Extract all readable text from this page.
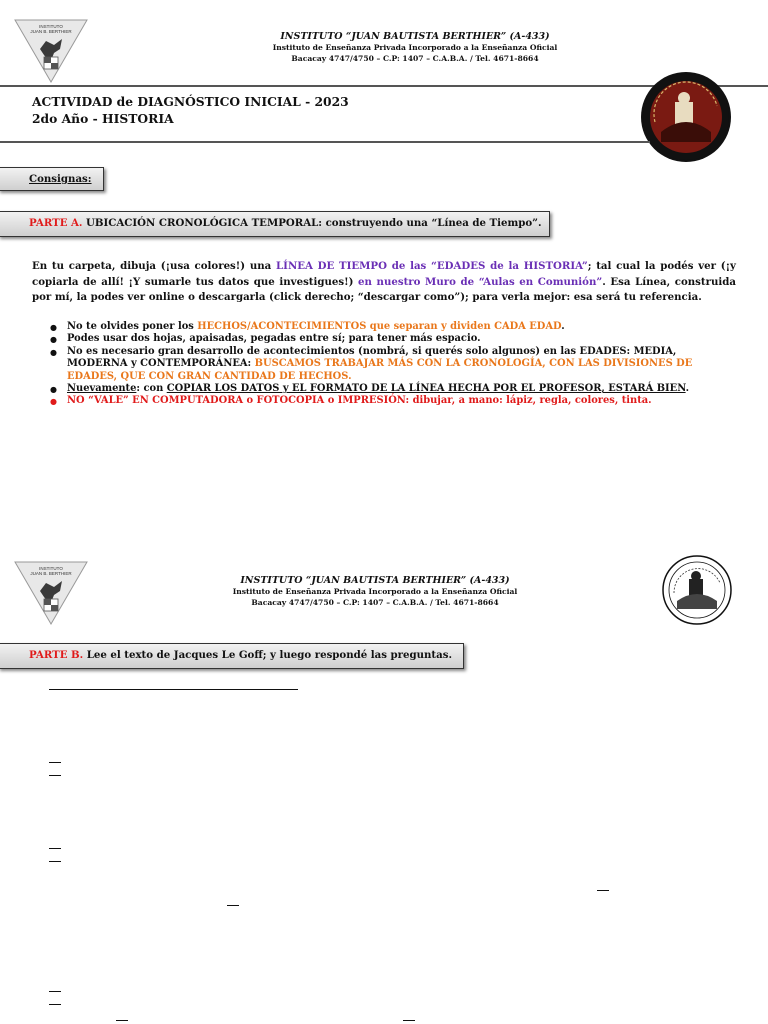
INSTITUTO
JUAN B. BERTHIER	INSTITUTO “JUAN BAUTISTA BERTHIER” (A-433)
Instituto de Enseñanza Privada Incorporado a la Enseñanza Oficial
Bacacay 4747/4750 – C.P: 1407 – C.A.B.A. / Tel. 4671-8664
ACTIVIDAD de DIAGNÓSTICO INICIAL - 2023
2do Año - HISTORIA
Consignas:
PARTE A. UBICACIÓN CRONOLÓGICA TEMPORAL: construyendo una “Línea de Tiempo”.
En tu carpeta, dibuja (¡usa colores!) una LÍNEA DE TIEMPO de las “EDADES de la HISTORIA”; tal cual la podés ver (¡y copiarla de allí! ¡Y sumarle tus datos que investigues!) en nuestro Muro de “Aulas en Comunión”. Esa Línea, construida por mí, la podes ver online o descargarla (click derecho; “descargar como”); para verla mejor: esa será tu referencia.
● No te olvides poner los HECHOS/ACONTECIMIENTOS que separan y dividen CADA EDAD.
● Podes usar dos hojas, apaisadas, pegadas entre sí; para tener más espacio.
● No es necesario gran desarrollo de acontecimientos (nombrá, si querés solo algunos) en las EDADES: MEDIA, MODERNA y CONTEMPORÁNEA: BUSCAMOS TRABAJAR MÁS CON LA CRONOLOGÍA, CON LAS DIVISIONES DE EDADES, QUE CON GRAN CANTIDAD DE HECHOS.
● Nuevamente: con COPIAR LOS DATOS y EL FORMATO DE LA LÍNEA HECHA POR EL PROFESOR, ESTARÁ BIEN.
● NO “VALE” EN COMPUTADORA o FOTOCOPIA o IMPRESIÓN: dibujar, a mano: lápiz, regla, colores, tinta.
INSTITUTO
JUAN B. BERTHIER
INSTITUTO “JUAN BAUTISTA BERTHIER” (A-433)
Instituto de Enseñanza Privada Incorporado a la Enseñanza Oficial
Bacacay 4747/4750 – C.P: 1407 – C.A.B.A. / Tel. 4671-8664
PARTE B. Lee el texto de Jacques Le Goff; y luego respondé las preguntas.
